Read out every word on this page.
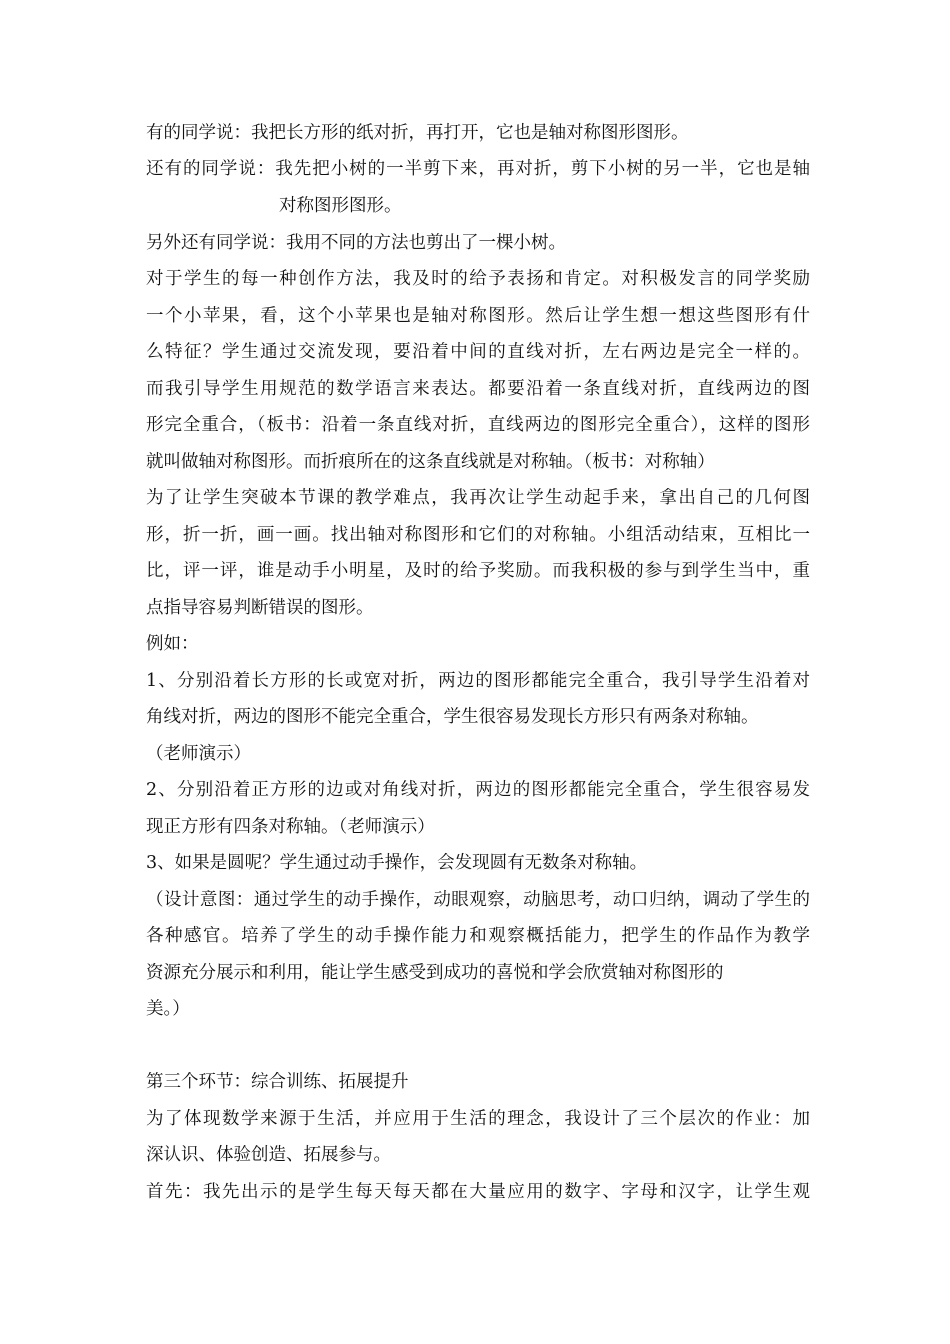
有的同学说：我把长方形的纸对折，再打开，它也是轴对称图形图形。
还有的同学说：我先把小树的一半剪下来，再对折，剪下小树的另一半，它也是轴
对称图形图形。
另外还有同学说：我用不同的方法也剪出了一棵小树。
对于学生的每一种创作方法，我及时的给予表扬和肯定。对积极发言的同学奖励
一个小苹果，看，这个小苹果也是轴对称图形。然后让学生想一想这些图形有什
么特征？学生通过交流发现，要沿着中间的直线对折，左右两边是完全一样的。
而我引导学生用规范的数学语言来表达。都要沿着一条直线对折，直线两边的图
形完全重合，（板书：沿着一条直线对折，直线两边的图形完全重合），这样的图形
就叫做轴对称图形。而折痕所在的这条直线就是对称轴。（板书：对称轴）
为了让学生突破本节课的教学难点，我再次让学生动起手来，拿出自己的几何图
形，折一折，画一画。找出轴对称图形和它们的对称轴。小组活动结束，互相比一
比，评一评，谁是动手小明星，及时的给予奖励。而我积极的参与到学生当中，重
点指导容易判断错误的图形。
例如：
1、分别沿着长方形的长或宽对折，两边的图形都能完全重合，我引导学生沿着对
角线对折，两边的图形不能完全重合，学生很容易发现长方形只有两条对称轴。
（老师演示）
2、分别沿着正方形的边或对角线对折，两边的图形都能完全重合，学生很容易发
现正方形有四条对称轴。（老师演示）
3、如果是圆呢？学生通过动手操作，会发现圆有无数条对称轴。
（设计意图：通过学生的动手操作，动眼观察，动脑思考，动口归纳，调动了学生的
各种感官。培养了学生的动手操作能力和观察概括能力，把学生的作品作为教学
资源充分展示和利用，能让学生感受到成功的喜悦和学会欣赏轴对称图形的
美。）
第三个环节：综合训练、拓展提升
为了体现数学来源于生活，并应用于生活的理念，我设计了三个层次的作业：加
深认识、体验创造、拓展参与。
首先：我先出示的是学生每天每天都在大量应用的数字、字母和汉字，让学生观
